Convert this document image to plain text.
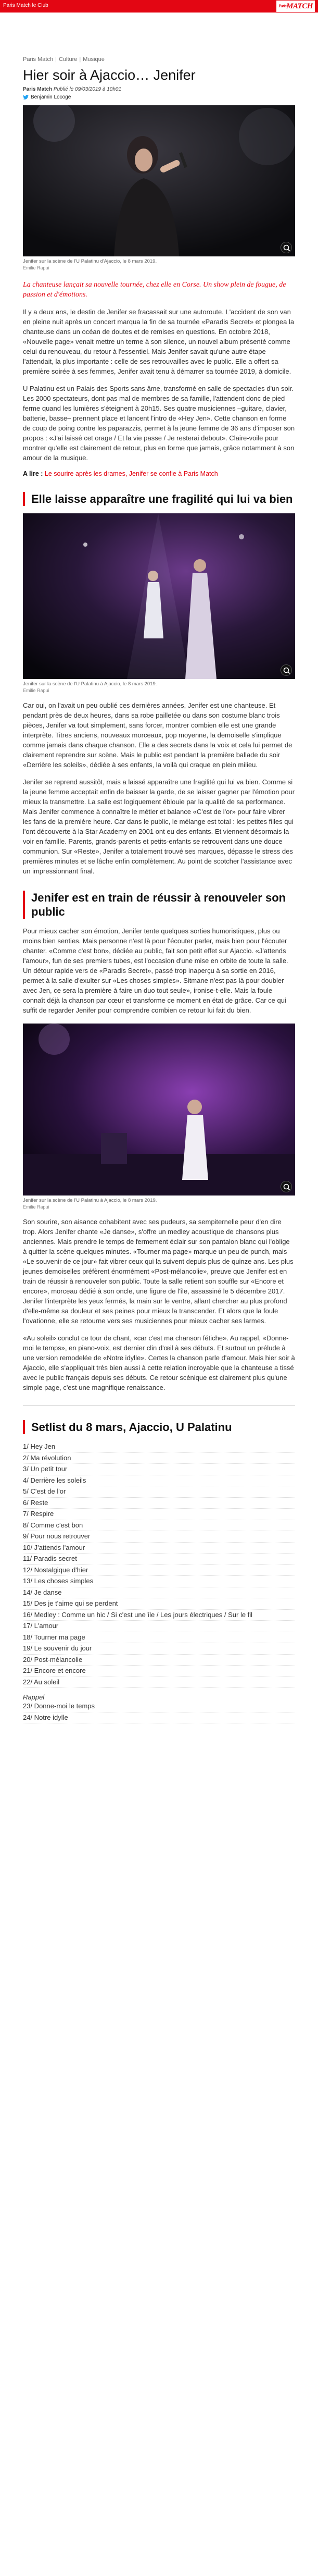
Paris Match le Club	$^{Paris}$MATCH
Paris Match | Culture | Musique
Hier soir à Ajaccio… Jenifer
Paris Match Publié le 09/03/2019 à 10h01
Benjamin Locoge
Jenifer sur la scène de l'U Palatinu d'Ajaccio, le 8 mars 2019.
Emilie Rapui

La chanteuse lançait sa nouvelle tournée, chez elle en Corse. Un show plein de fougue, de passion et d'émotions.

Il y a deux ans, le destin de Jenifer se fracassait sur une autoroute. L'accident de son van en pleine nuit après un concert marqua la fin de sa tournée «Paradis Secret» et plongea la chanteuse dans un océan de doutes et de remises en questions. En octobre 2018, «Nouvelle page» venait mettre un terme à son silence, un nouvel album présenté comme celui du renouveau, du retour à l'essentiel. Mais Jenifer savait qu'une autre étape l'attendait, la plus importante : celle de ses retrouvailles avec le public. Elle a offert sa première soirée à ses femmes, Jenifer avait tenu à démarrer sa tournée 2019, à domicile.

U Palatinu est un Palais des Sports sans âme, transformé en salle de spectacles d'un soir. Les 2000 spectateurs, dont pas mal de membres de sa famille, l'attendent donc de pied ferme quand les lumières s'éteignent à 20h15. Ses quatre musiciennes –guitare, clavier, batterie, basse– prennent place et lancent l'intro de «Hey Jen». Cette chanson en forme de coup de poing contre les paparazzis, permet à la jeune femme de 36 ans d'imposer son propos : «J'ai laissé cet orage / Et la vie passe / Je resterai debout». Claire-voile pour montrer qu'elle est clairement de retour, plus en forme que jamais, grâce notamment à son amour de la musique.

A lire : Le sourire après les drames, Jenifer se confie à Paris Match
Elle laisse apparaître une fragilité qui lui va bien
Jenifer sur la scène de l'U Palatinu à Ajaccio, le 8 mars 2019.
Emilie Rapui

Car oui, on l'avait un peu oublié ces dernières années, Jenifer est une chanteuse. Et pendant près de deux heures, dans sa robe pailletée ou dans son costume blanc trois pièces, Jenifer va tout simplement, sans forcer, montrer combien elle est une grande interprète. Titres anciens, nouveaux morceaux, pop moyenne, la demoiselle s'implique comme jamais dans chaque chanson. Elle a des secrets dans la voix et cela lui permet de clairement reprendre sur scène. Mais le public est pendant la première ballade du soir «Derrière les soleils», dédiée à ses enfants, la voilà qui craque en plein milieu.

Jenifer se reprend aussitôt, mais a laissé apparaître une fragilité qui lui va bien. Comme si la jeune femme acceptait enfin de baisser la garde, de se laisser gagner par l'émotion pour mieux la transmettre. La salle est logiquement éblouie par la qualité de sa performance. Mais Jenifer commence à connaître le métier et balance «C'est de l'or» pour faire vibrer les fans de la première heure. Car dans le public, le mélange est total : les petites filles qui l'ont découverte à la Star Academy en 2001 ont eu des enfants. Et viennent désormais la voir en famille. Parents, grands-parents et petits-enfants se retrouvent dans une douce communion. Sur «Reste», Jenifer a totalement trouvé ses marques, dépasse le stress des premières minutes et se lâche enfin complètement. Au point de scotcher l'assistance avec un impressionnant final.

Jenifer est en train de réussir à renouveler son public

Pour mieux cacher son émotion, Jenifer tente quelques sorties humoristiques, plus ou moins bien senties. Mais personne n'est là pour l'écouter parler, mais bien pour l'écouter chanter. «Comme c'est bon», dédiée au public, fait son petit effet sur Ajaccio. «J'attends l'amour», fun de ses premiers tubes, est l'occasion d'une mise en orbite de toute la salle. Un détour rapide vers de «Paradis Secret», passé trop inaperçu à sa sortie en 2016, permet à la salle d'exulter sur «Les choses simples». Sitmane n'est pas là pour doubler avec Jen, ce sera la première à faire un duo tout seule», ironise-t-elle. Mais la foule connaît déjà la chanson par cœur et transforme ce moment en état de grâce. Car ce qui suffit de regarder Jenifer pour comprendre combien ce retour lui fait du bien.

Jenifer sur la scène de l'U Palatinu à Ajaccio, le 8 mars 2019.
Emilie Rapui

Son sourire, son aisance cohabitent avec ses pudeurs, sa sempiternelle peur d'en dire trop. Alors Jenifer chante «Je danse», s'offre un medley acoustique de chansons plus anciennes. Mais prendre le temps de fermement éclair sur son pantalon blanc qui l'oblige à quitter la scène quelques minutes. «Tourner ma page» marque un peu de punch, mais «Le souvenir de ce jour» fait vibrer ceux qui la suivent depuis plus de quinze ans. Les plus jeunes demoiselles préfèrent énormément «Post-mélancolie», preuve que Jenifer est en train de réussir à renouveler son public. Toute la salle retient son souffle sur «Encore et encore», morceau dédié à son oncle, une figure de l'île, assassiné le 5 décembre 2017. Jenifer l'interprète les yeux fermés, la main sur le ventre, allant chercher au plus profond d'elle-même sa douleur et ses peines pour mieux la transcender. Et alors que la foule l'ovationne, elle se retourne vers ses musiciennes pour mieux cacher ses larmes.

«Au soleil» conclut ce tour de chant, «car c'est ma chanson fétiche». Au rappel, «Donne-moi le temps», en piano-voix, est dernier clin d'œil à ses débuts. Et surtout un prélude à une version remodelée de «Notre idylle». Certes la chanson parle d'amour. Mais hier soir à Ajaccio, elle s'appliquait très bien aussi à cette relation incroyable que la chanteuse a tissé avec le public français depuis ses débuts. Ce retour scénique est clairement plus qu'une simple page, c'est une magnifique renaissance.

Setlist du 8 mars, Ajaccio, U Palatinu
1/ Hey Jen
2/ Ma révolution
3/ Un petit tour
4/ Derrière les soleils
5/ C'est de l'or
6/ Reste
7/ Respire
8/ Comme c'est bon
9/ Pour nous retrouver
10/ J'attends l'amour
11/ Paradis secret
12/ Nostalgique d'hier
13/ Les choses simples
14/ Je danse
15/ Des je t'aime qui se perdent
16/ Medley : Comme un hic / Si c'est une île / Les jours électriques / Sur le fil
17/ L'amour
18/ Tourner ma page
19/ Le souvenir du jour
20/ Post-mélancolie
21/ Encore et encore
22/ Au soleil
Rappel
23/ Donne-moi le temps
24/ Notre idylle
